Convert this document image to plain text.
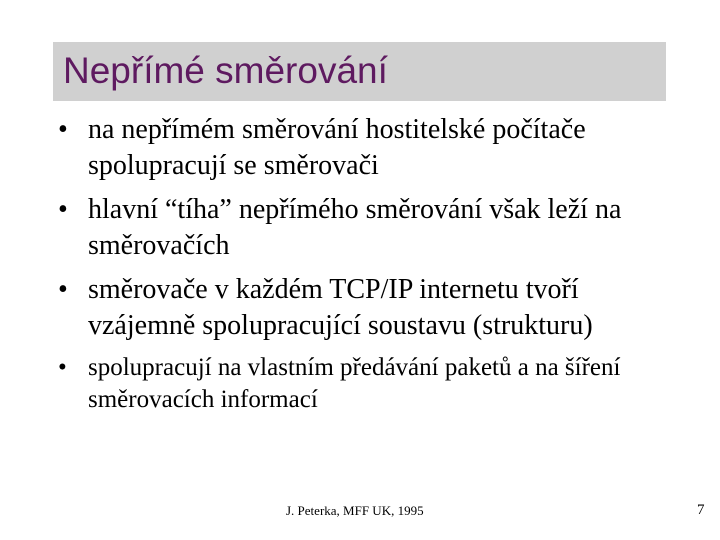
Nepřímé směrování
• na nepřímém směrování hostitelské počítače spolupracují se směrovači
• hlavní “tíha” nepřímého směrování však leží na směrovačích
• směrovače v každém TCP/IP internetu tvoří vzájemně spolupracující soustavu (strukturu)
• spolupracují na vlastním předávání paketů a na šíření směrovacích informací
J. Peterka, MFF UK, 1995	7
